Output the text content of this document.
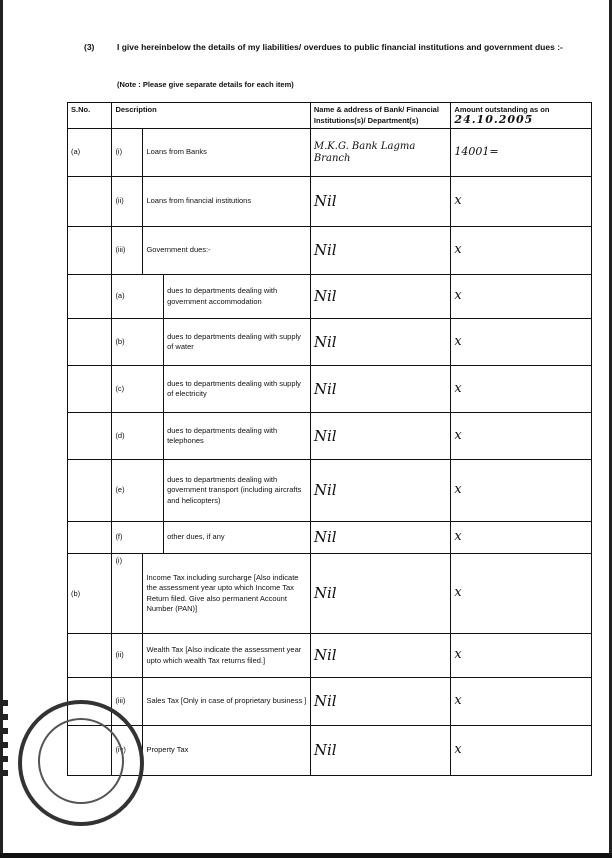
(3)	I give hereinbelow the details of my liabilities/ overdues to public financial institutions and government dues :-
(Note : Please give separate details for each item)
S.No.	Description			Name & address of Bank/ Financial Institutions(s)/ Department(s)	Amount outstanding as on 24.10.2005
(a)	(i)	Loans from Banks		M.K.G. Bank Lagma Branch	14001=
	(ii)	Loans from financial institutions		Nil	x
	(iii)	Government dues:-		Nil	x
	(a)		dues to departments dealing with government accommodation	Nil	x
	(b)		dues to departments dealing with supply of water	Nil	x
	(c)		dues to departments dealing with supply of electricity	Nil	x
	(d)		dues to departments dealing with telephones	Nil	x
	(e)		dues to departments dealing with government transport (including aircrafts and helicopters)	Nil	x
	(f)		other dues, if any	Nil	x
(b)	(i)	Income Tax including surcharge [Also indicate the assessment year upto which Income Tax Return filed. Give also permanent Account Number (PAN)]		Nil	x
	(ii)	Wealth Tax [Also indicate the assessment year upto which wealth Tax returns filed.]		Nil	x
	(iii)	Sales Tax [Only in case of proprietary business ]		Nil	x
	(iv)	Property Tax		Nil	x
